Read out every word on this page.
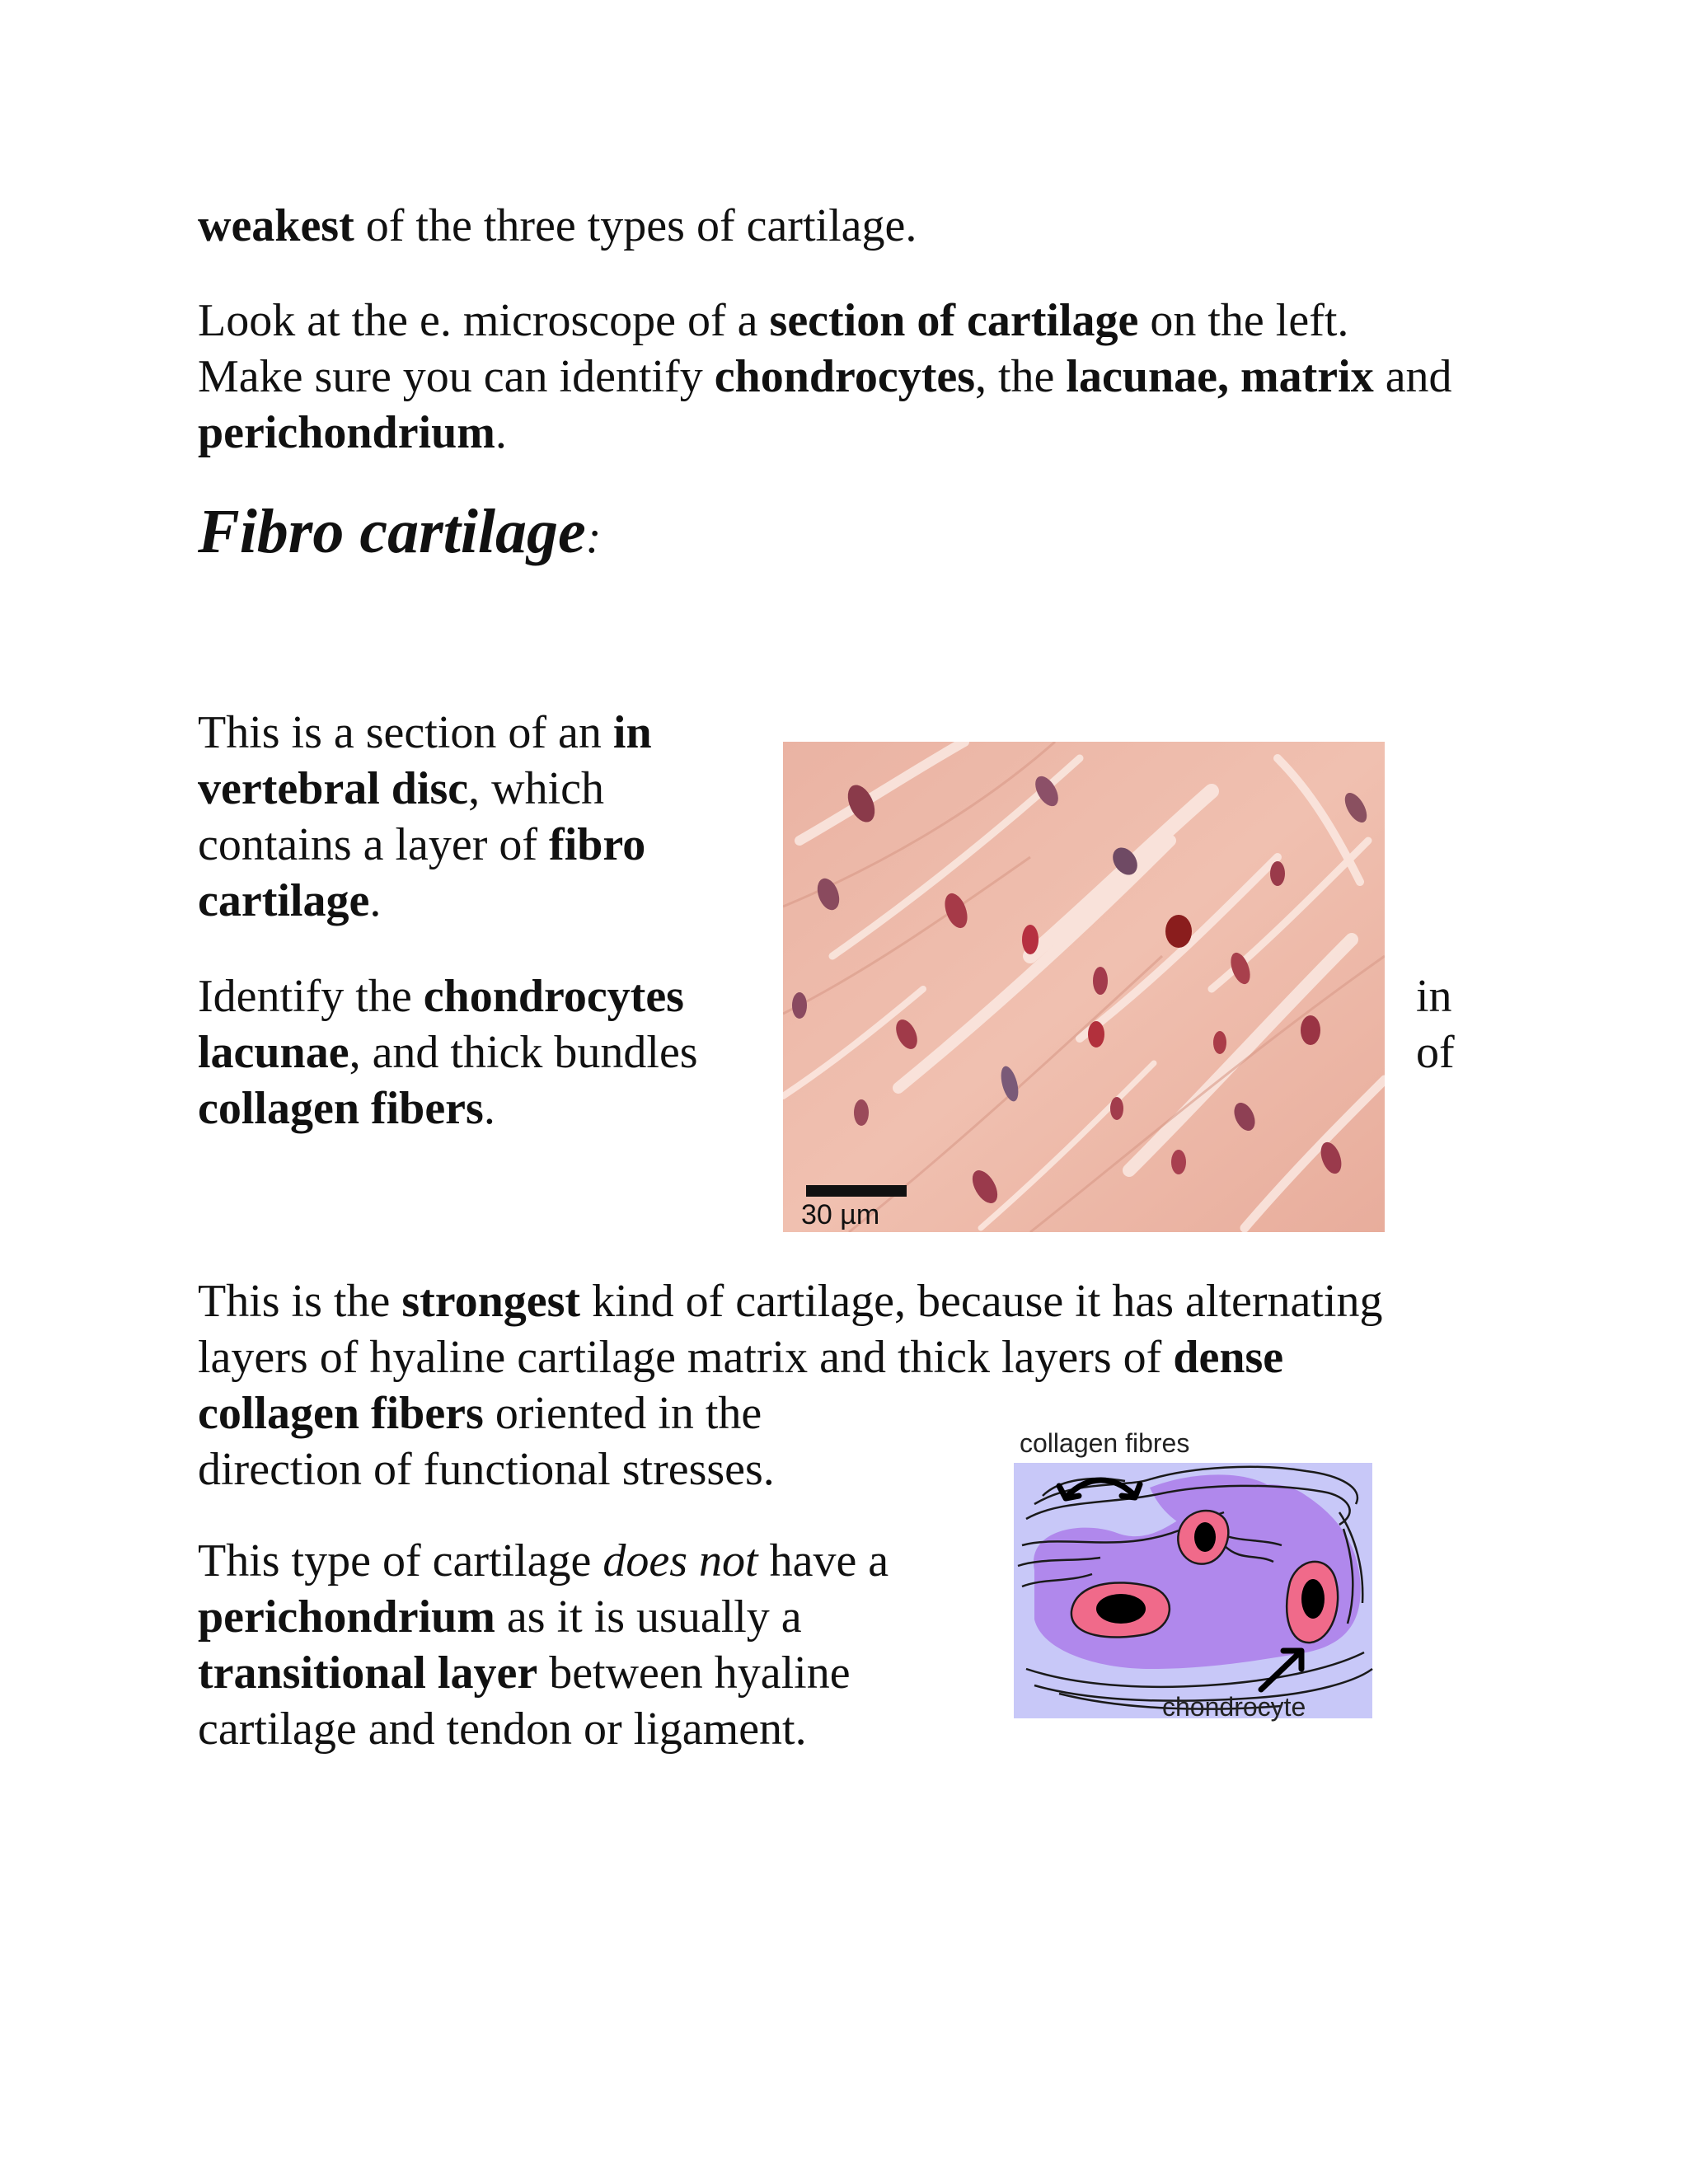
weakest of the three types of cartilage.

Look at the e. microscope of a section of cartilage on the left. Make sure you can identify chondrocytes, the lacunae, matrix and perichondrium.

Fibro cartilage:

This is a section of an in vertebral disc, which contains a layer of fibro cartilage.

Identify the chondrocytes
lacunae, and thick bundles
collagen fibers.

in
of
30 µm

This is the strongest kind of cartilage, because it has alternating layers of hyaline cartilage matrix and thick layers of dense
collagen fibers oriented in the
direction of functional stresses.

This type of cartilage does not have a perichondrium as it is usually a transitional layer between hyaline cartilage and tendon or ligament.

collagen fibres
chondrocyte
